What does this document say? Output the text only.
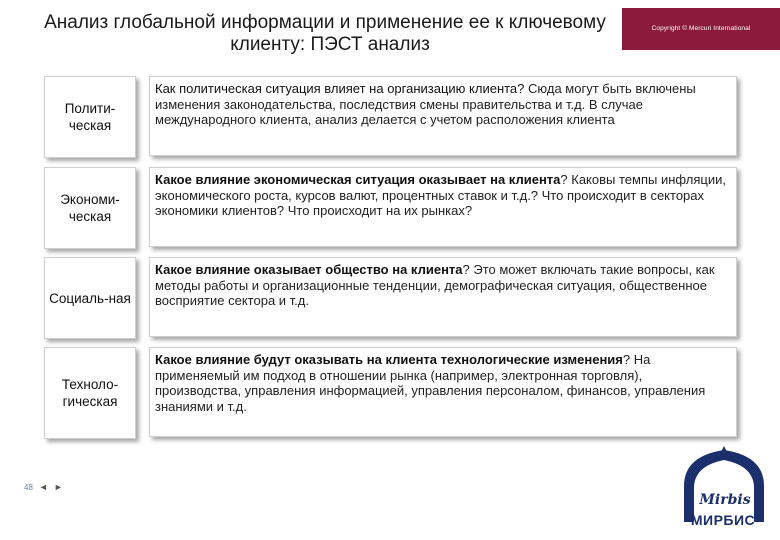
Анализ глобальной информации и применение ее к ключевому
клиенту: ПЭСТ анализ
Copyright © Mercuri International
Полити-ческая
Как политическая ситуация влияет на организацию клиента? Сюда могут быть включены изменения законодательства, последствия смены правительства и т.д. В случае международного клиента, анализ делается с учетом расположения клиента
Экономи-ческая
Какое влияние экономическая ситуация оказывает на клиента? Каковы темпы инфляции, экономического роста, курсов валют, процентных ставок и т.д.? Что происходит в секторах экономики клиентов? Что происходит на их рынках?
Социаль-ная
Какое влияние оказывает общество на клиента? Это может включать такие вопросы, как методы работы и организационные тенденции, демографическая ситуация, общественное восприятие сектора и т.д.
Техноло-гическая
Какое влияние будут оказывать на клиента технологические изменения? На применяемый им подход в отношении рынка (например, электронная торговля), производства, управления информацией, управления персоналом, финансов, управления знаниями и т.д.
48 ◄ ►
Mirbis
МИРБИС
